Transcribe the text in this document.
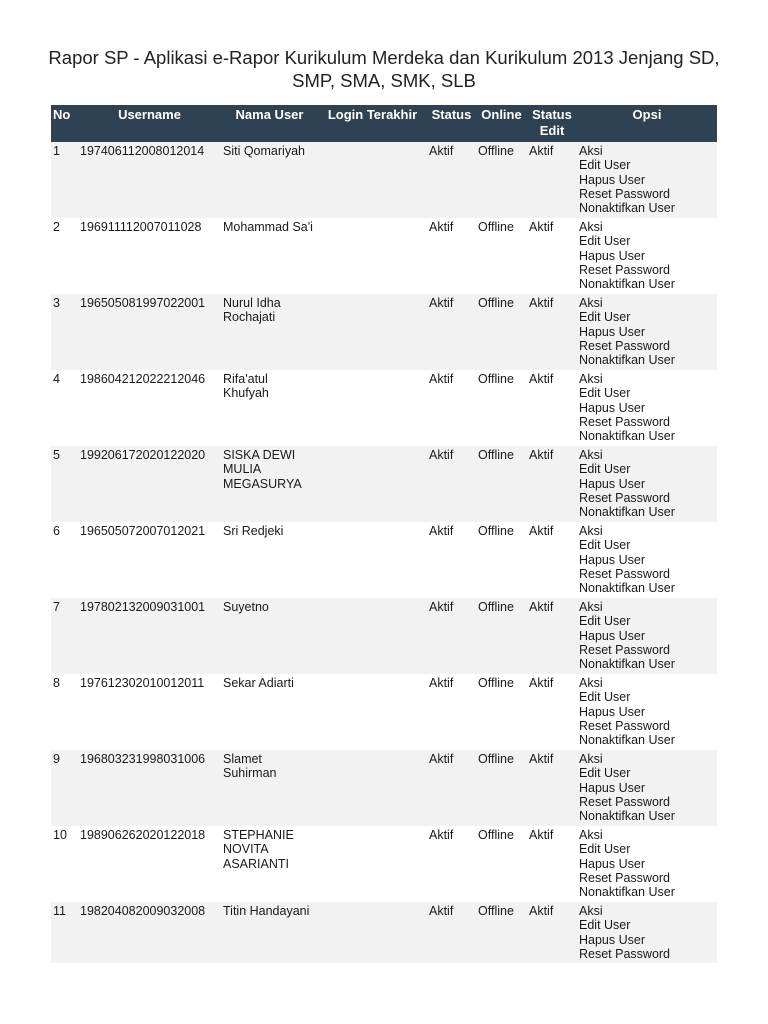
Rapor SP - Aplikasi e-Rapor Kurikulum Merdeka dan Kurikulum 2013 Jenjang SD, SMP, SMA, SMK, SLB
No	Username	Nama User	Login Terakhir	Status	Online	Status Edit	Opsi
1	197406112008012014	Siti Qomariyah		Aktif	Offline	Aktif	Aksi
Edit User
Hapus User
Reset Password
Nonaktifkan User

2	196911112007011028	Mohammad Sa'i		Aktif	Offline	Aktif	Aksi
Edit User
Hapus User
Reset Password
Nonaktifkan User

3	196505081997022001	Nurul Idha Rochajati		Aktif	Offline	Aktif	Aksi
Edit User
Hapus User
Reset Password
Nonaktifkan User

4	198604212022212046	Rifa'atul Khufyah		Aktif	Offline	Aktif	Aksi
Edit User
Hapus User
Reset Password
Nonaktifkan User

5	199206172020122020	SISKA DEWI MULIA MEGASURYA		Aktif	Offline	Aktif	Aksi
Edit User
Hapus User
Reset Password
Nonaktifkan User

6	196505072007012021	Sri Redjeki		Aktif	Offline	Aktif	Aksi
Edit User
Hapus User
Reset Password
Nonaktifkan User

7	197802132009031001	Suyetno		Aktif	Offline	Aktif	Aksi
Edit User
Hapus User
Reset Password
Nonaktifkan User

8	197612302010012011	Sekar Adiarti		Aktif	Offline	Aktif	Aksi
Edit User
Hapus User
Reset Password
Nonaktifkan User

9	196803231998031006	Slamet Suhirman		Aktif	Offline	Aktif	Aksi
Edit User
Hapus User
Reset Password
Nonaktifkan User

10	198906262020122018	STEPHANIE NOVITA ASARIANTI		Aktif	Offline	Aktif	Aksi
Edit User
Hapus User
Reset Password
Nonaktifkan User

11	198204082009032008	Titin Handayani		Aktif	Offline	Aktif	Aksi
Edit User
Hapus User
Reset Password
